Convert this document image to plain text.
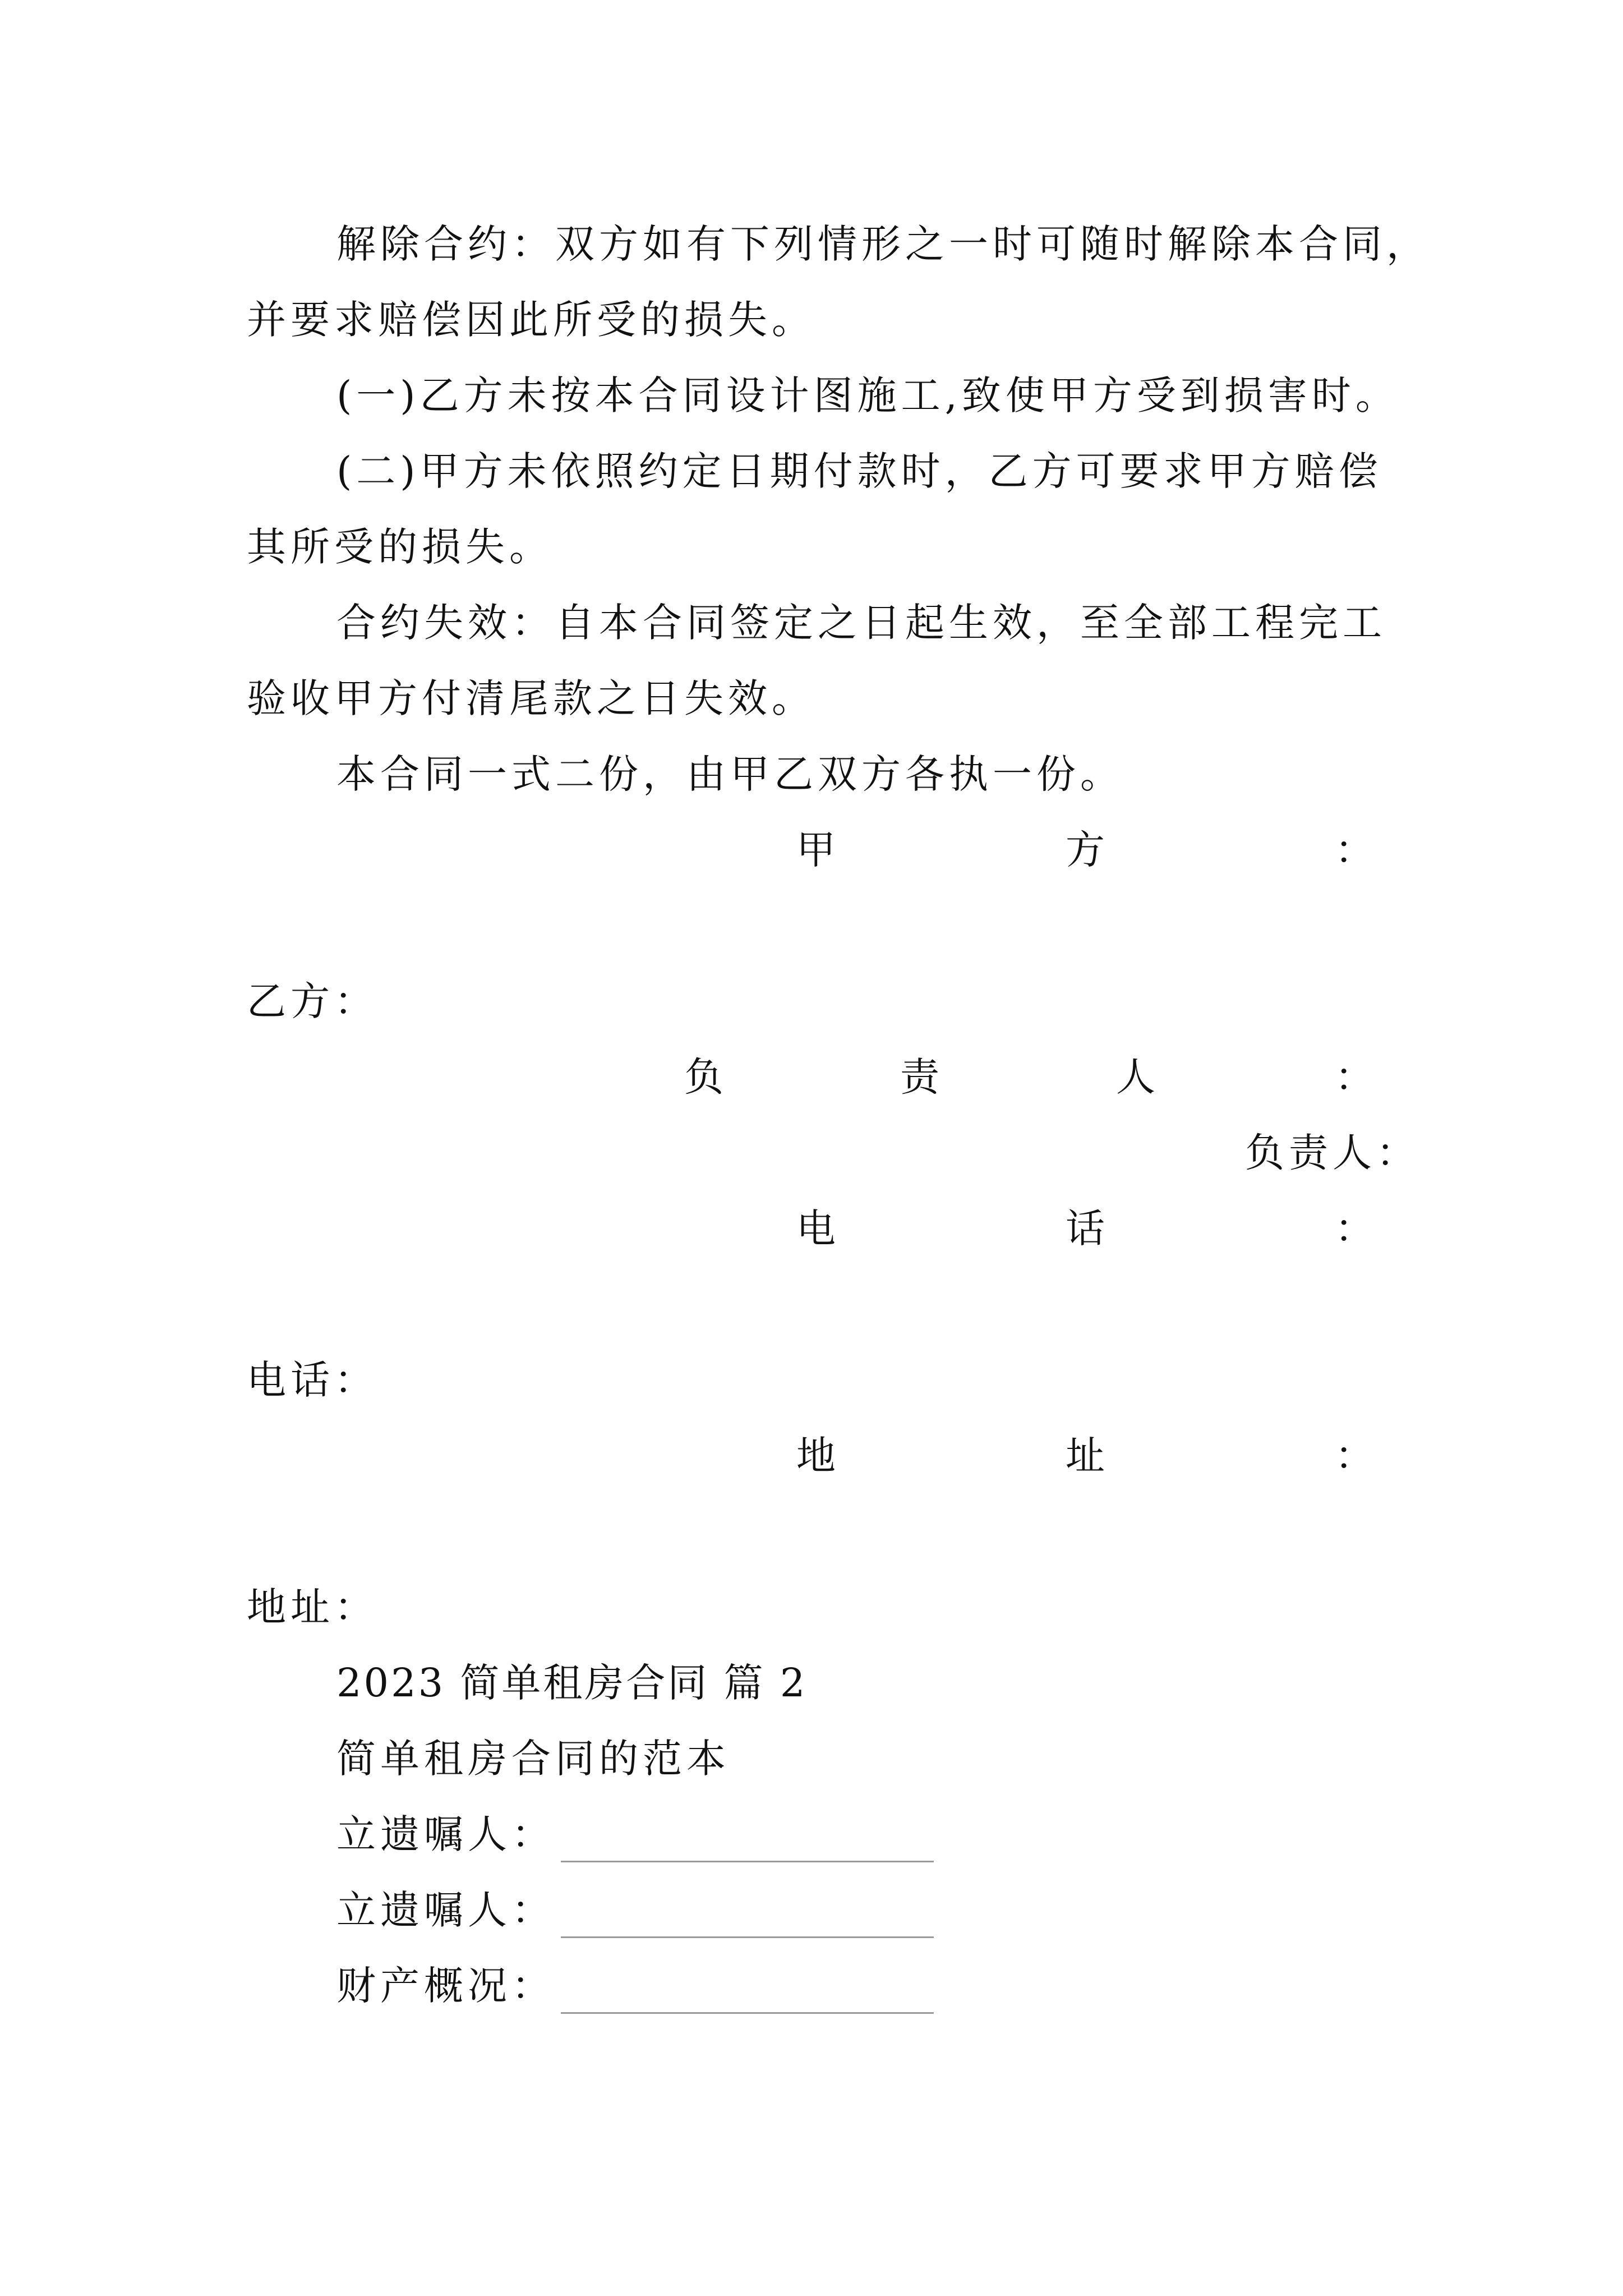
解除合约：双方如有下列情形之一时可随时解除本合同，
并要求赔偿因此所受的损失。
(一)乙方未按本合同设计图施工,致使甲方受到损害时。
(二)甲方未依照约定日期付款时，乙方可要求甲方赔偿
其所受的损失。
合约失效：自本合同签定之日起生效，至全部工程完工
验收甲方付清尾款之日失效。
本合同一式二份，由甲乙双方各执一份。
甲	方	：
乙方：
负	责	人	：
负责人：
电	话	：
电话：
地	址	：
地址：
2023 简单租房合同 篇 2
简单租房合同的范本
立遗嘱人：
立遗嘱人：
财产概况：
